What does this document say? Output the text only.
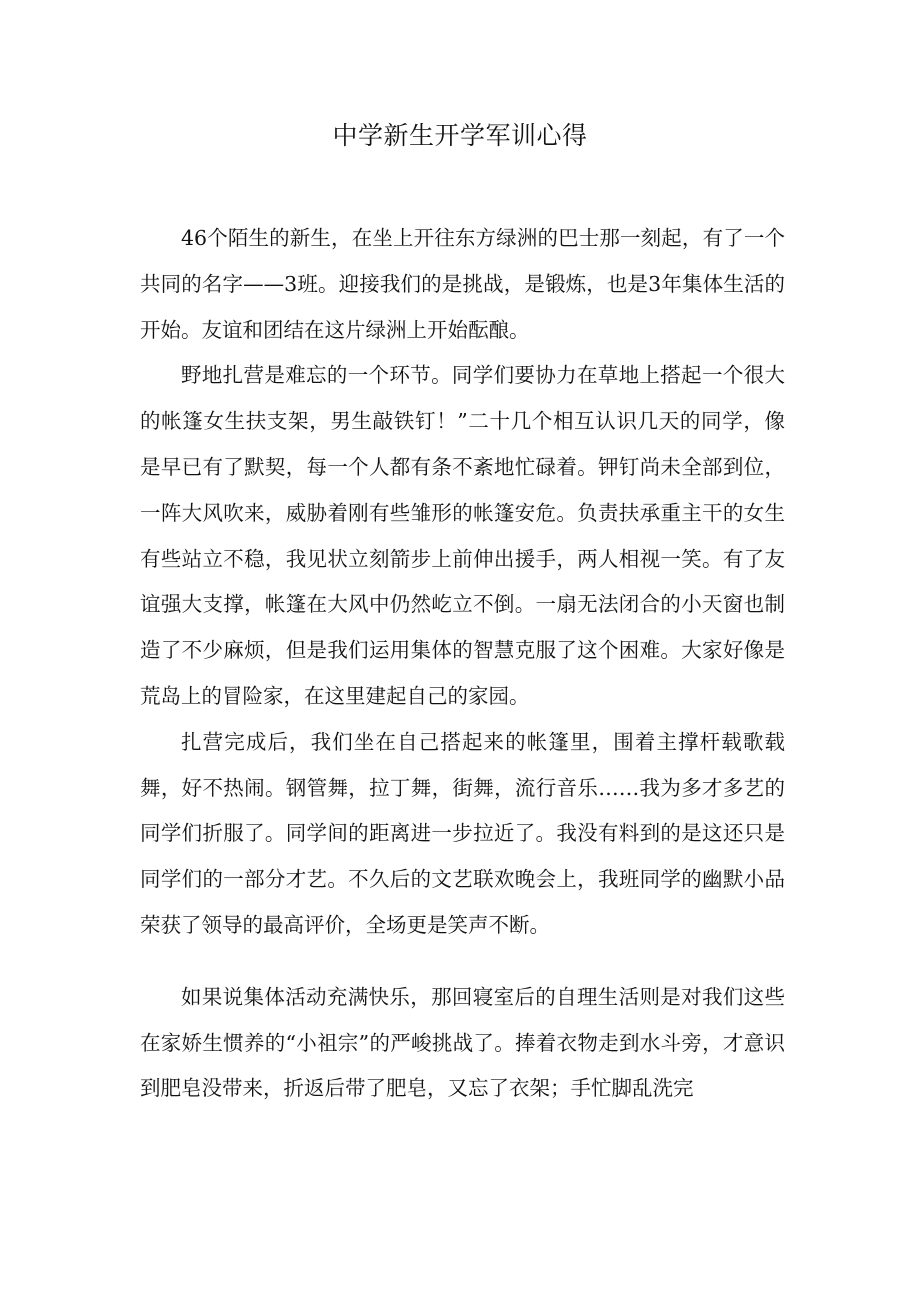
中学新生开学军训心得

46个陌生的新生，在坐上开往东方绿洲的巴士那一刻起，有了一个共同的名字——3班。迎接我们的是挑战，是锻炼，也是3年集体生活的开始。友谊和团结在这片绿洲上开始酝酿。

野地扎营是难忘的一个环节。同学们要协力在草地上搭起一个很大的帐篷女生扶支架，男生敲铁钉！”二十几个相互认识几天的同学，像是早已有了默契，每一个人都有条不紊地忙碌着。钾钉尚未全部到位，一阵大风吹来，威胁着刚有些雏形的帐篷安危。负责扶承重主干的女生有些站立不稳，我见状立刻箭步上前伸出援手，两人相视一笑。有了友谊强大支撑，帐篷在大风中仍然屹立不倒。一扇无法闭合的小天窗也制造了不少麻烦，但是我们运用集体的智慧克服了这个困难。大家好像是荒岛上的冒险家，在这里建起自己的家园。

扎营完成后，我们坐在自己搭起来的帐篷里，围着主撑杆载歌载舞，好不热闹。钢管舞，拉丁舞，街舞，流行音乐……我为多才多艺的同学们折服了。同学间的距离进一步拉近了。我没有料到的是这还只是同学们的一部分才艺。不久后的文艺联欢晚会上，我班同学的幽默小品荣获了领导的最高评价，全场更是笑声不断。

如果说集体活动充满快乐，那回寝室后的自理生活则是对我们这些在家娇生惯养的“小祖宗”的严峻挑战了。捧着衣物走到水斗旁，才意识到肥皂没带来，折返后带了肥皂，又忘了衣架；手忙脚乱洗完
